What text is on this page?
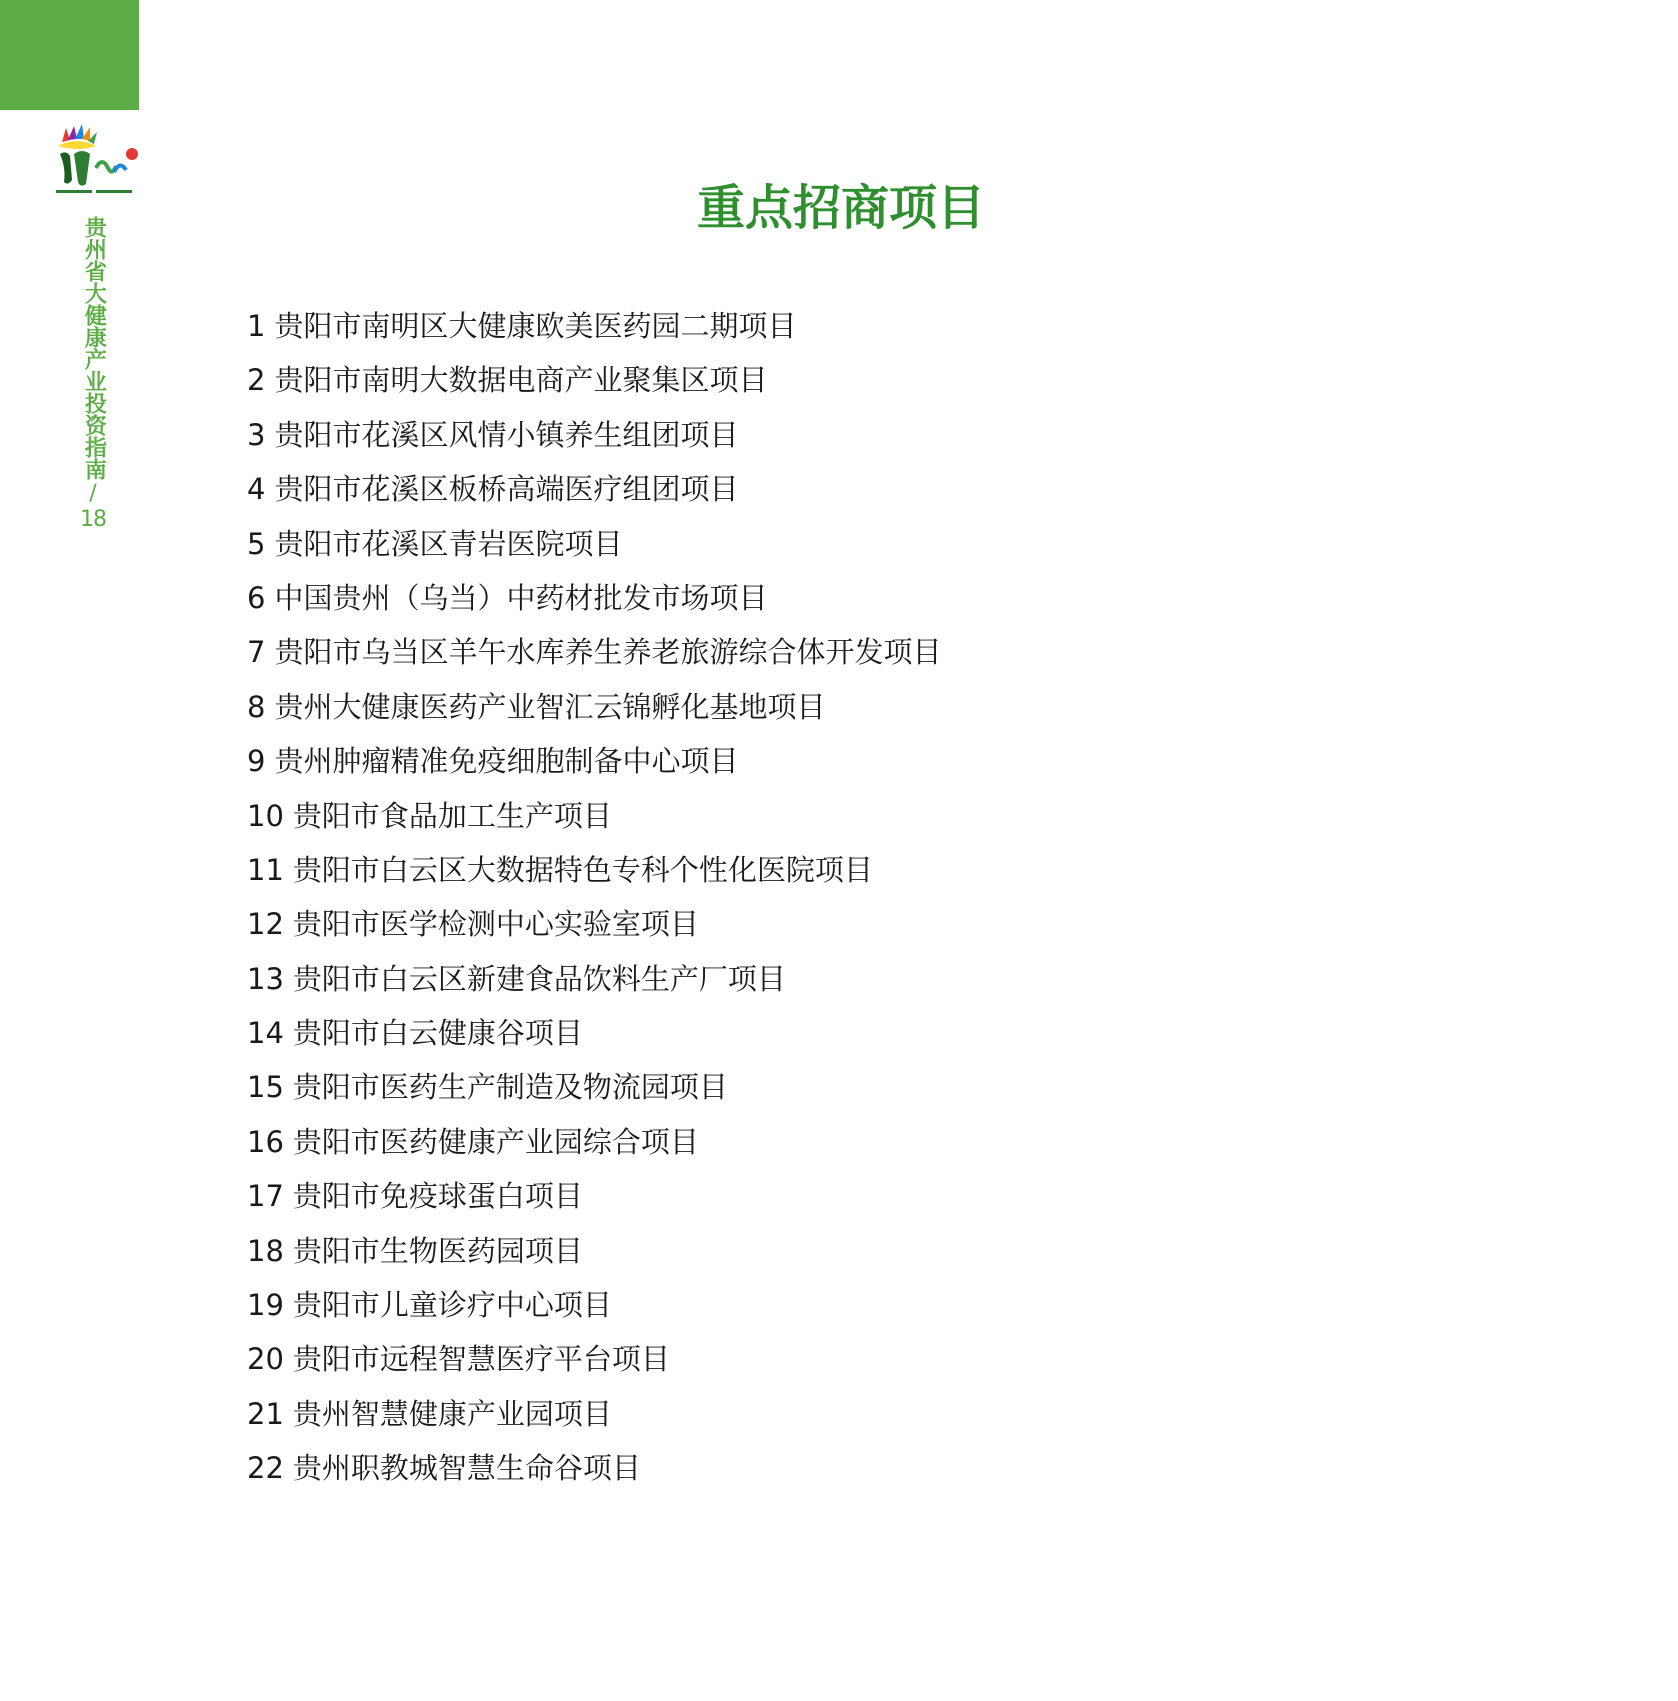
贵州省大健康产业投资指南
/
18
重点招商项目
1 贵阳市南明区大健康欧美医药园二期项目
2 贵阳市南明大数据电商产业聚集区项目
3 贵阳市花溪区风情小镇养生组团项目
4 贵阳市花溪区板桥高端医疗组团项目
5 贵阳市花溪区青岩医院项目
6 中国贵州（乌当）中药材批发市场项目
7 贵阳市乌当区羊午水库养生养老旅游综合体开发项目
8 贵州大健康医药产业智汇云锦孵化基地项目
9 贵州肿瘤精准免疫细胞制备中心项目
10 贵阳市食品加工生产项目
11 贵阳市白云区大数据特色专科个性化医院项目
12 贵阳市医学检测中心实验室项目
13 贵阳市白云区新建食品饮料生产厂项目
14 贵阳市白云健康谷项目
15 贵阳市医药生产制造及物流园项目
16 贵阳市医药健康产业园综合项目
17 贵阳市免疫球蛋白项目
18 贵阳市生物医药园项目
19 贵阳市儿童诊疗中心项目
20 贵阳市远程智慧医疗平台项目
21 贵州智慧健康产业园项目
22 贵州职教城智慧生命谷项目
